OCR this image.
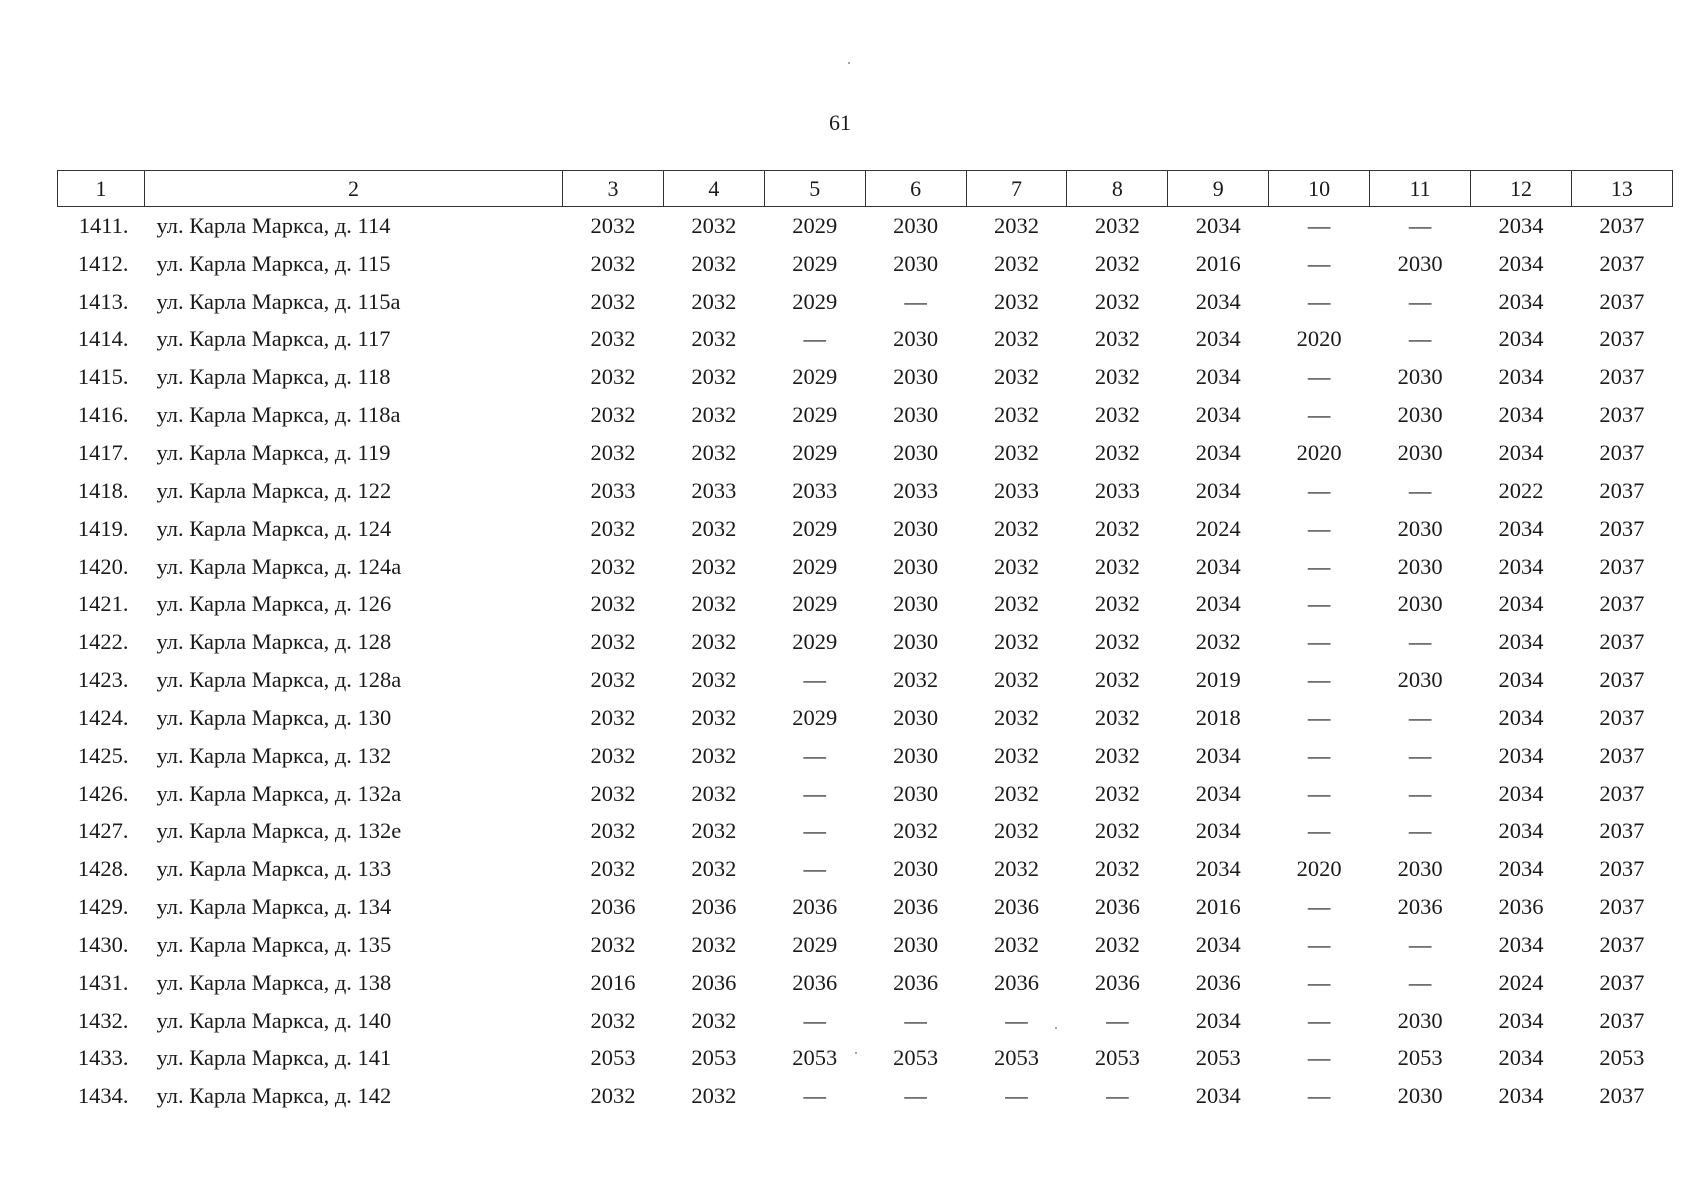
61
1	2	3	4	5	6	7	8	9	10	11	12	13
1411.	ул. Карла Маркса, д. 114	2032	2032	2029	2030	2032	2032	2034	—	—	2034	2037
1412.	ул. Карла Маркса, д. 115	2032	2032	2029	2030	2032	2032	2016	—	2030	2034	2037
1413.	ул. Карла Маркса, д. 115а	2032	2032	2029	—	2032	2032	2034	—	—	2034	2037
1414.	ул. Карла Маркса, д. 117	2032	2032	—	2030	2032	2032	2034	2020	—	2034	2037
1415.	ул. Карла Маркса, д. 118	2032	2032	2029	2030	2032	2032	2034	—	2030	2034	2037
1416.	ул. Карла Маркса, д. 118а	2032	2032	2029	2030	2032	2032	2034	—	2030	2034	2037
1417.	ул. Карла Маркса, д. 119	2032	2032	2029	2030	2032	2032	2034	2020	2030	2034	2037
1418.	ул. Карла Маркса, д. 122	2033	2033	2033	2033	2033	2033	2034	—	—	2022	2037
1419.	ул. Карла Маркса, д. 124	2032	2032	2029	2030	2032	2032	2024	—	2030	2034	2037
1420.	ул. Карла Маркса, д. 124а	2032	2032	2029	2030	2032	2032	2034	—	2030	2034	2037
1421.	ул. Карла Маркса, д. 126	2032	2032	2029	2030	2032	2032	2034	—	2030	2034	2037
1422.	ул. Карла Маркса, д. 128	2032	2032	2029	2030	2032	2032	2032	—	—	2034	2037
1423.	ул. Карла Маркса, д. 128а	2032	2032	—	2032	2032	2032	2019	—	2030	2034	2037
1424.	ул. Карла Маркса, д. 130	2032	2032	2029	2030	2032	2032	2018	—	—	2034	2037
1425.	ул. Карла Маркса, д. 132	2032	2032	—	2030	2032	2032	2034	—	—	2034	2037
1426.	ул. Карла Маркса, д. 132а	2032	2032	—	2030	2032	2032	2034	—	—	2034	2037
1427.	ул. Карла Маркса, д. 132е	2032	2032	—	2032	2032	2032	2034	—	—	2034	2037
1428.	ул. Карла Маркса, д. 133	2032	2032	—	2030	2032	2032	2034	2020	2030	2034	2037
1429.	ул. Карла Маркса, д. 134	2036	2036	2036	2036	2036	2036	2016	—	2036	2036	2037
1430.	ул. Карла Маркса, д. 135	2032	2032	2029	2030	2032	2032	2034	—	—	2034	2037
1431.	ул. Карла Маркса, д. 138	2016	2036	2036	2036	2036	2036	2036	—	—	2024	2037
1432.	ул. Карла Маркса, д. 140	2032	2032	—	—	—	—	2034	—	2030	2034	2037
1433.	ул. Карла Маркса, д. 141	2053	2053	2053	2053	2053	2053	2053	—	2053	2034	2053
1434.	ул. Карла Маркса, д. 142	2032	2032	—	—	—	—	2034	—	2030	2034	2037
